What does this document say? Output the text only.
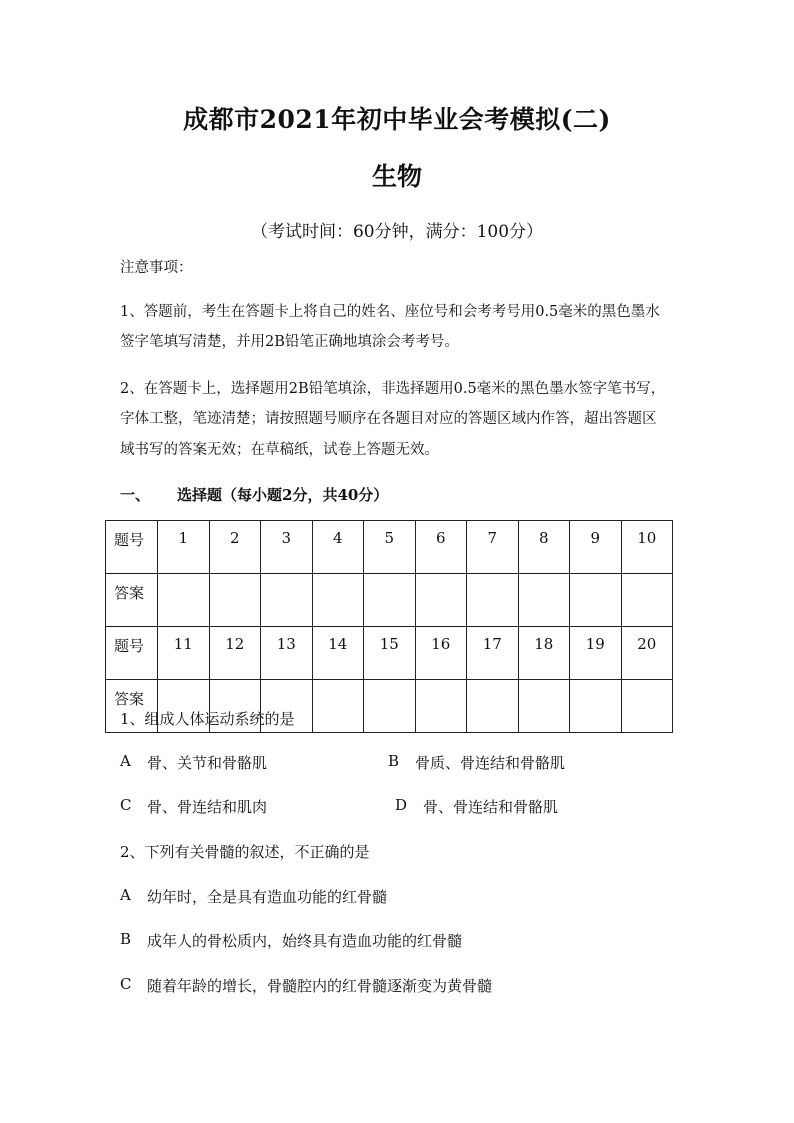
成都市2021年初中毕业会考模拟(二)
生物
（考试时间：60分钟，满分：100分）
注意事项：
1、答题前，考生在答题卡上将自己的姓名、座位号和会考考号用0.5毫米的黑色墨水
签字笔填写清楚，并用2B铅笔正确地填涂会考考号。
2、在答题卡上，选择题用2B铅笔填涂，非选择题用0.5毫米的黑色墨水签字笔书写，
字体工整，笔迹清楚；请按照题号顺序在各题目对应的答题区域内作答，超出答题区
域书写的答案无效；在草稿纸，试卷上答题无效。
一、 选择题（每小题2分，共40分）
题号	1	2	3	4	5	6	7	8	9	10
答案										
题号	11	12	13	14	15	16	17	18	19	20
答案										
1、组成人体运动系统的是
A 骨、关节和骨骼肌	B 骨质、骨连结和骨骼肌
C 骨、骨连结和肌肉	D 骨、骨连结和骨骼肌
2、下列有关骨髓的叙述，不正确的是
A 幼年时，全是具有造血功能的红骨髓
B 成年人的骨松质内，始终具有造血功能的红骨髓
C 随着年龄的增长，骨髓腔内的红骨髓逐渐变为黄骨髓
